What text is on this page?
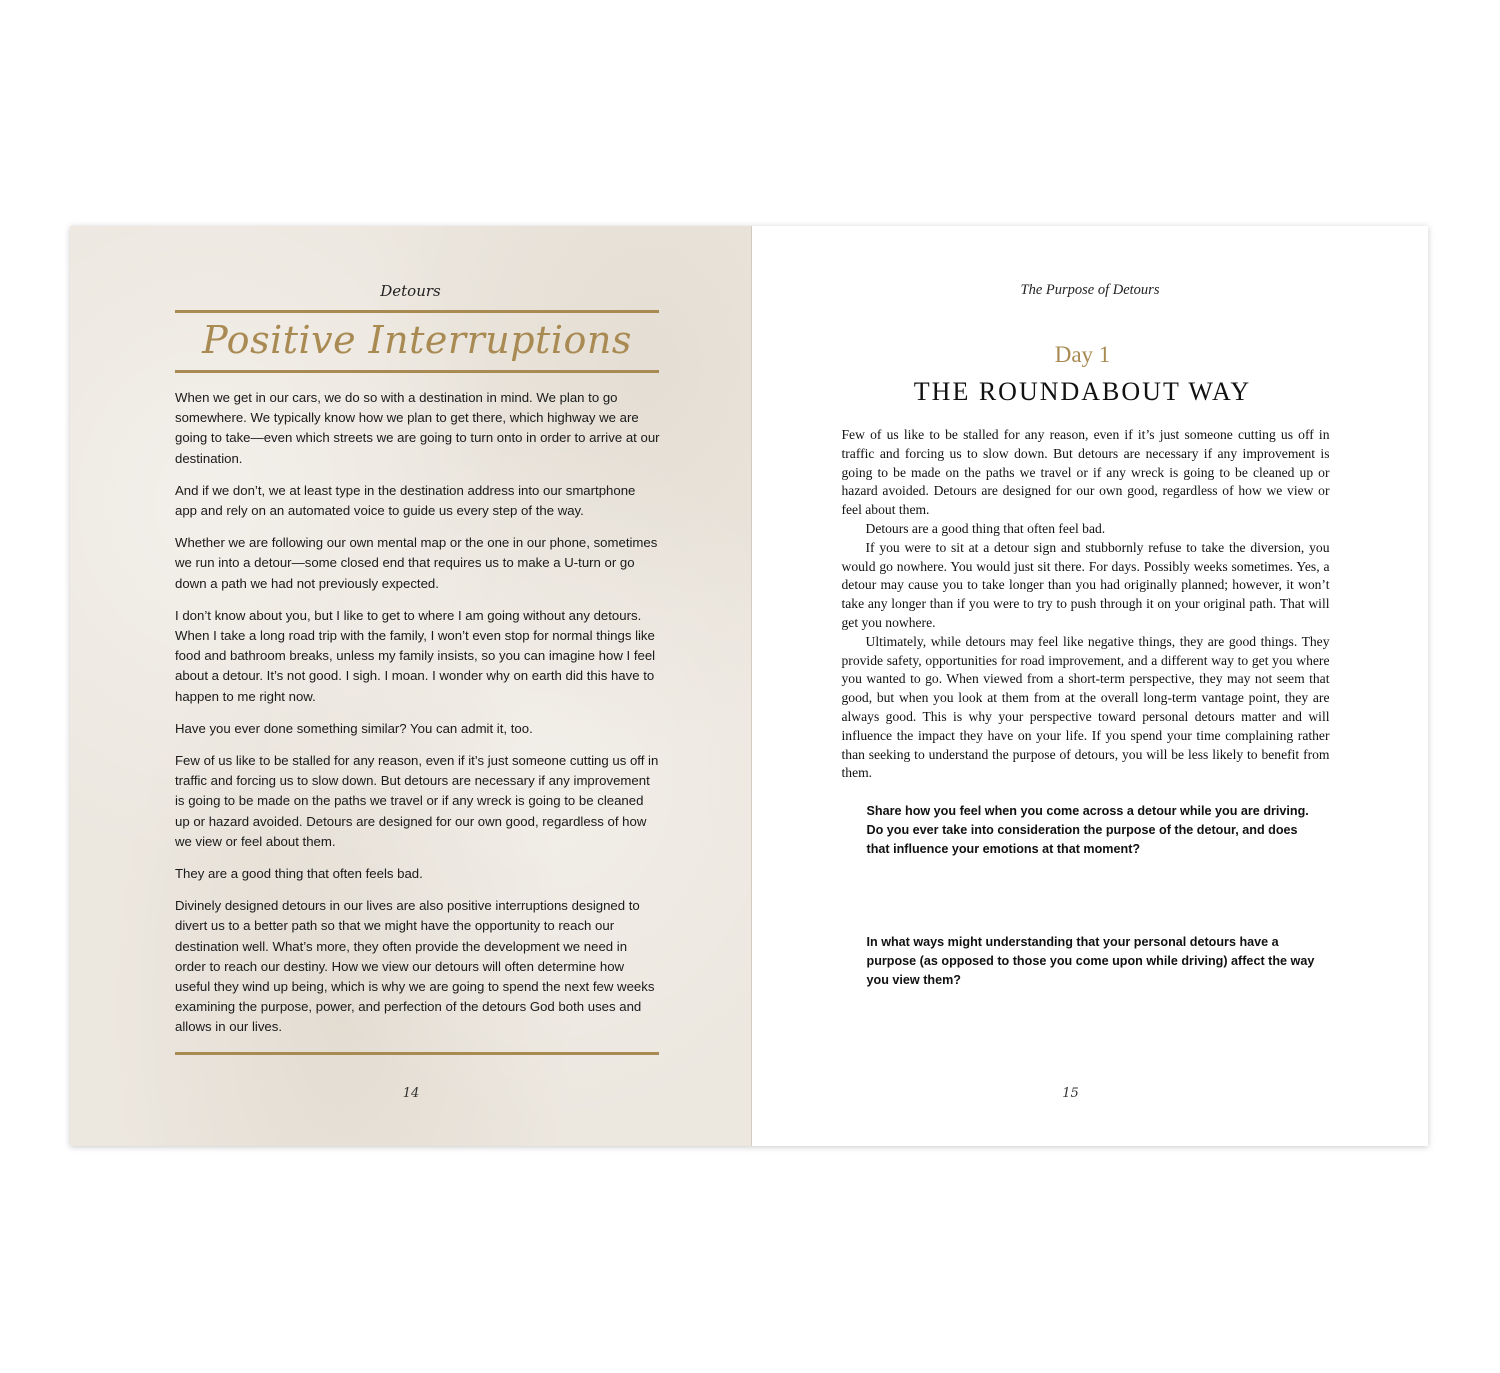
Detours
Positive Interruptions

When we get in our cars, we do so with a destination in mind. We plan to go somewhere. We typically know how we plan to get there, which highway we are going to take—even which streets we are going to turn onto in order to arrive at our destination.

And if we don’t, we at least type in the destination address into our smartphone app and rely on an automated voice to guide us every step of the way.

Whether we are following our own mental map or the one in our phone, sometimes we run into a detour—some closed end that requires us to make a U-turn or go down a path we had not previously expected.

I don’t know about you, but I like to get to where I am going without any detours. When I take a long road trip with the family, I won’t even stop for normal things like food and bathroom breaks, unless my family insists, so you can imagine how I feel about a detour. It’s not good. I sigh. I moan. I wonder why on earth did this have to happen to me right now.

Have you ever done something similar? You can admit it, too.

Few of us like to be stalled for any reason, even if it’s just someone cutting us off in traffic and forcing us to slow down. But detours are necessary if any improvement is going to be made on the paths we travel or if any wreck is going to be cleaned up or hazard avoided. Detours are designed for our own good, regardless of how we view or feel about them.

They are a good thing that often feels bad.

Divinely designed detours in our lives are also positive interruptions designed to divert us to a better path so that we might have the opportunity to reach our destination well. What’s more, they often provide the development we need in order to reach our destiny. How we view our detours will often determine how useful they wind up being, which is why we are going to spend the next few weeks examining the purpose, power, and perfection of the detours God both uses and allows in our lives.

14
The Purpose of Detours
Day 1
THE ROUNDABOUT WAY

Few of us like to be stalled for any reason, even if it’s just someone cutting us off in traffic and forcing us to slow down. But detours are necessary if any improvement is going to be made on the paths we travel or if any wreck is going to be cleaned up or hazard avoided. Detours are designed for our own good, regardless of how we view or feel about them.

Detours are a good thing that often feel bad.

If you were to sit at a detour sign and stubbornly refuse to take the diversion, you would go nowhere. You would just sit there. For days. Possibly weeks sometimes. Yes, a detour may cause you to take longer than you had originally planned; however, it won’t take any longer than if you were to try to push through it on your original path. That will get you nowhere.

Ultimately, while detours may feel like negative things, they are good things. They provide safety, opportunities for road improvement, and a different way to get you where you wanted to go. When viewed from a short-term perspective, they may not seem that good, but when you look at them from at the overall long-term vantage point, they are always good. This is why your perspective toward personal detours matter and will influence the impact they have on your life. If you spend your time complaining rather than seeking to understand the purpose of detours, you will be less likely to benefit from them.

Share how you feel when you come across a detour while you are driving. Do you ever take into consideration the purpose of the detour, and does that influence your emotions at that moment?
In what ways might understanding that your personal detours have a purpose (as opposed to those you come upon while driving) affect the way you view them?
15
